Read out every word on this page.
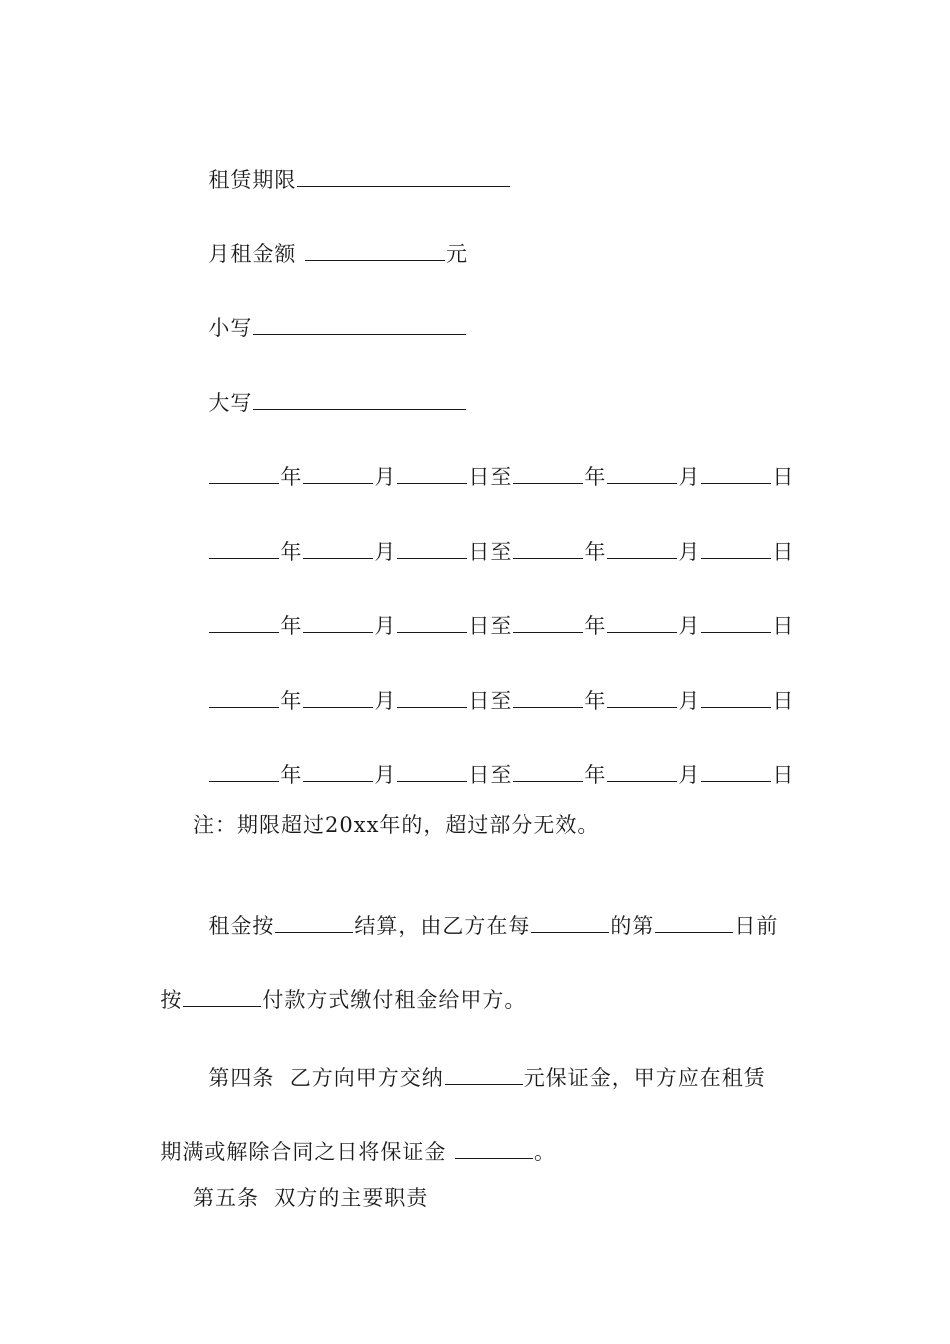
租赁期限

月租金额	元

小写

大写

年	月	日至	年	月	日

年	月	日至	年	月	日

年	月	日至	年	月	日

年	月	日至	年	月	日

年	月	日至	年	月	日

注：期限超过20xx年的，超过部分无效。

租金按	结算，由乙方在每	的第	日前

按	付款方式缴付租金给甲方。

第四条  乙方向甲方交纳	元保证金，甲方应在租赁

期满或解除合同之日将保证金	。

第五条  双方的主要职责
